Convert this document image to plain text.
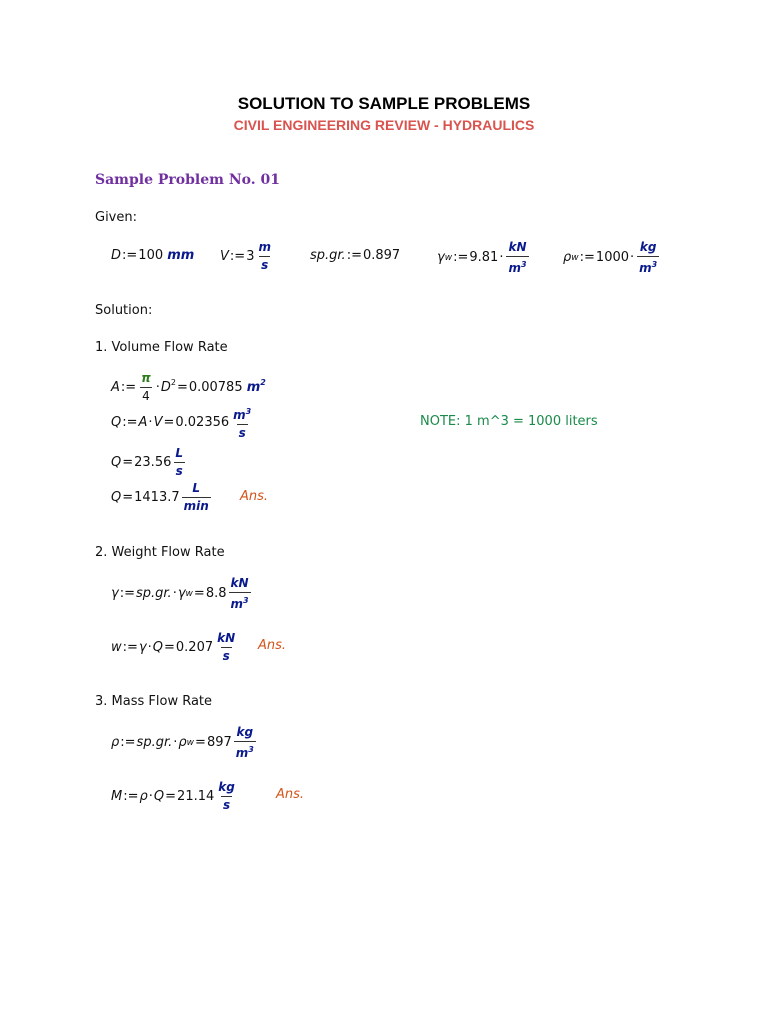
SOLUTION TO SAMPLE PROBLEMS
CIVIL ENGINEERING REVIEW - HYDRAULICS
Sample Problem No. 01
Given:
D := 100
mm V := $3 \frac{m}{s}$	sp.gr. := 0.897	γ w := $9.81 \cdot \frac{kN}{m^3}$	ρ w := $1000 \cdot \frac{kg}{m^3}$
Solution:
1. Volume Flow Rate
A := $\frac{\pi}{4} \cdot D^2 = 0.00785$
$m^2$
Q := $A \cdot V = 0.02356 \frac{m^3}{s}$	NOTE: 1 m^3 = 1000 liters
$Q = 23.56 \frac{L}{s}$
$Q = 1413.7 \frac{L}{\min}$ Ans.
2. Weight Flow Rate
γ := sp.gr. · γ $w = 8.8 \frac{kN}{m^3}$
w := $\gamma \cdot Q = 0.207 \frac{kN}{s}$ Ans.
3. Mass Flow Rate
ρ := sp.gr. · ρ $w = 897 \frac{kg}{m^3}$
M := $\rho \cdot Q = 21.14 \frac{kg}{s}$	Ans.
